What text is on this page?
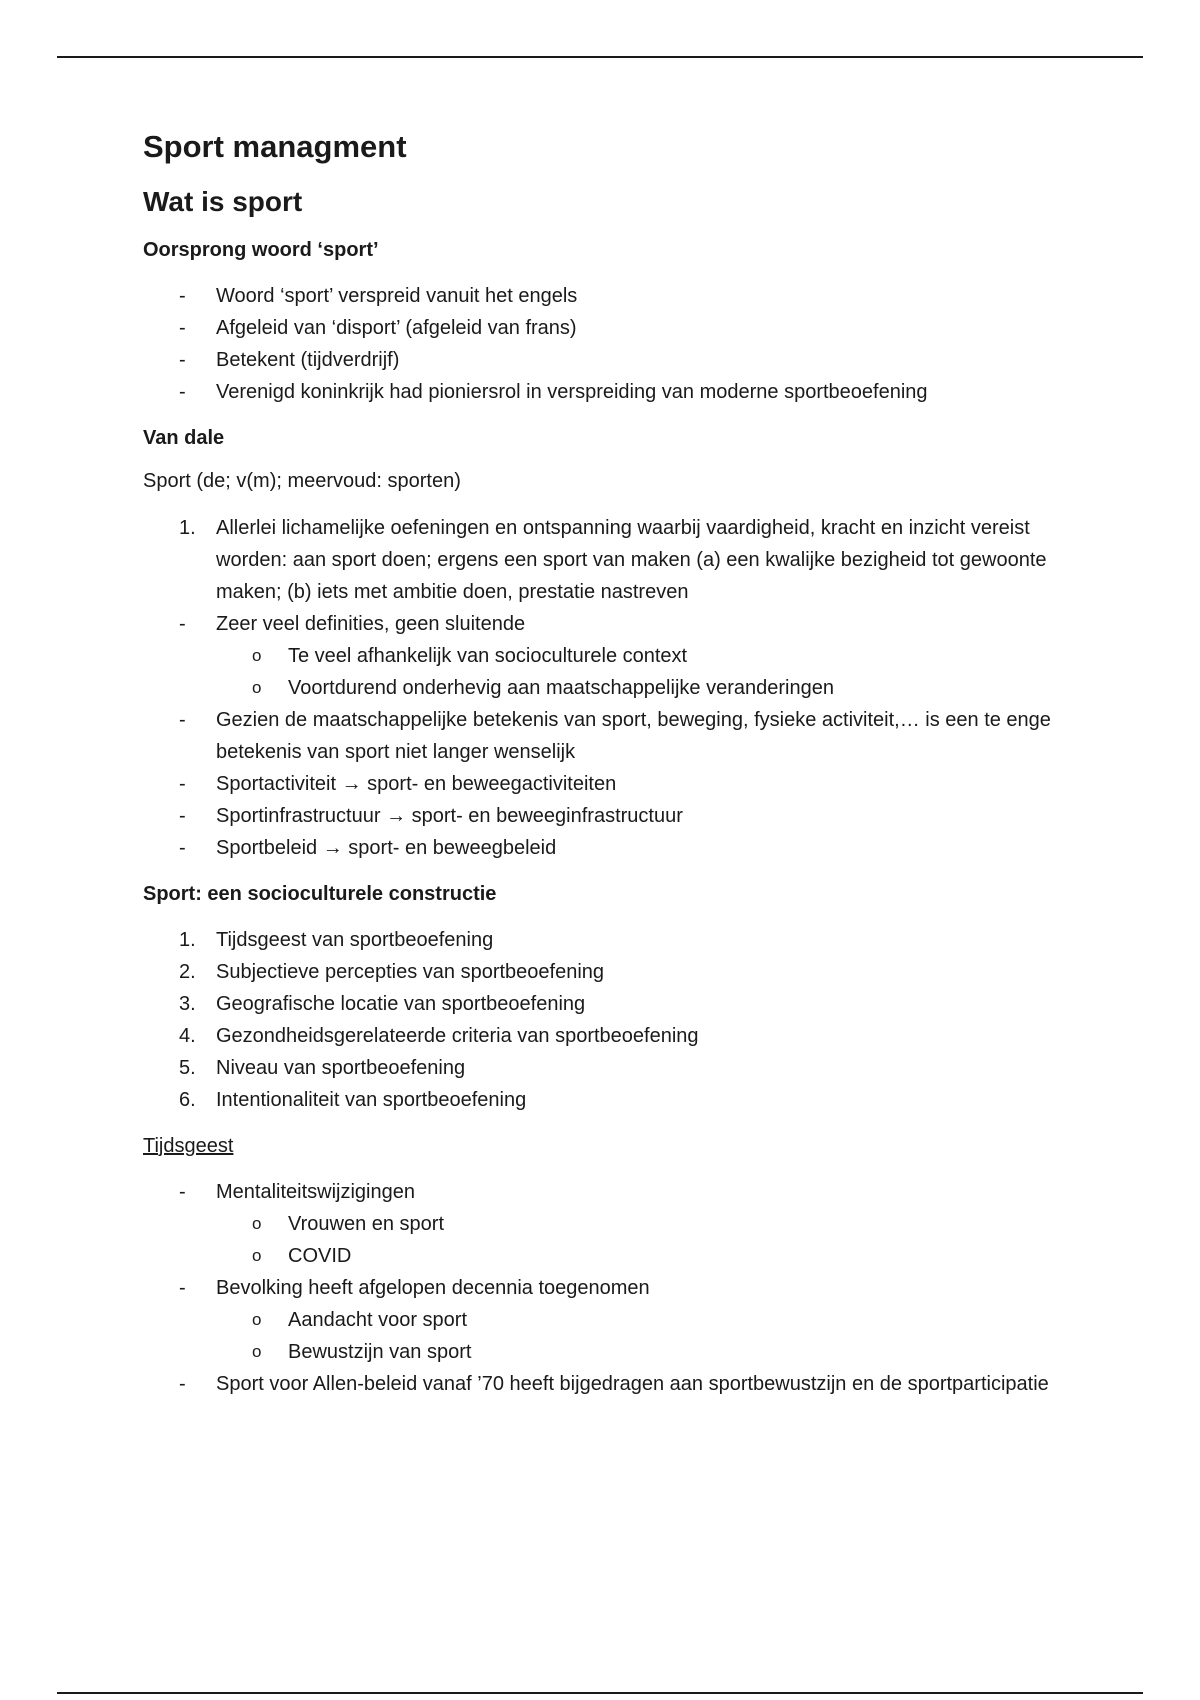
Sport managment
Wat is sport
Oorsprong woord ‘sport’
- Woord ‘sport’ verspreid vanuit het engels
- Afgeleid van ‘disport’ (afgeleid van frans)
- Betekent (tijdverdrijf)
- Verenigd koninkrijk had pioniersrol in verspreiding van moderne sportbeoefening
Van dale
Sport (de; v(m); meervoud: sporten)
1. Allerlei lichamelijke oefeningen en ontspanning waarbij vaardigheid, kracht en inzicht vereist worden: aan sport doen; ergens een sport van maken (a) een kwalijke bezigheid tot gewoonte maken; (b) iets met ambitie doen, prestatie nastreven
- Zeer veel definities, geen sluitende
o Te veel afhankelijk van socioculturele context
o Voortdurend onderhevig aan maatschappelijke veranderingen
- Gezien de maatschappelijke betekenis van sport, beweging, fysieke activiteit,… is een te enge betekenis van sport niet langer wenselijk
- Sportactiviteit → sport- en beweegactiviteiten
- Sportinfrastructuur → sport- en beweeginfrastructuur
- Sportbeleid → sport- en beweegbeleid
Sport: een socioculturele constructie
1. Tijdsgeest van sportbeoefening
2. Subjectieve percepties van sportbeoefening
3. Geografische locatie van sportbeoefening
4. Gezondheidsgerelateerde criteria van sportbeoefening
5. Niveau van sportbeoefening
6. Intentionaliteit van sportbeoefening
Tijdsgeest
- Mentaliteitswijzigingen
o Vrouwen en sport
o COVID
- Bevolking heeft afgelopen decennia toegenomen
o Aandacht voor sport
o Bewustzijn van sport
- Sport voor Allen-beleid vanaf ’70 heeft bijgedragen aan sportbewustzijn en de sportparticipatie
